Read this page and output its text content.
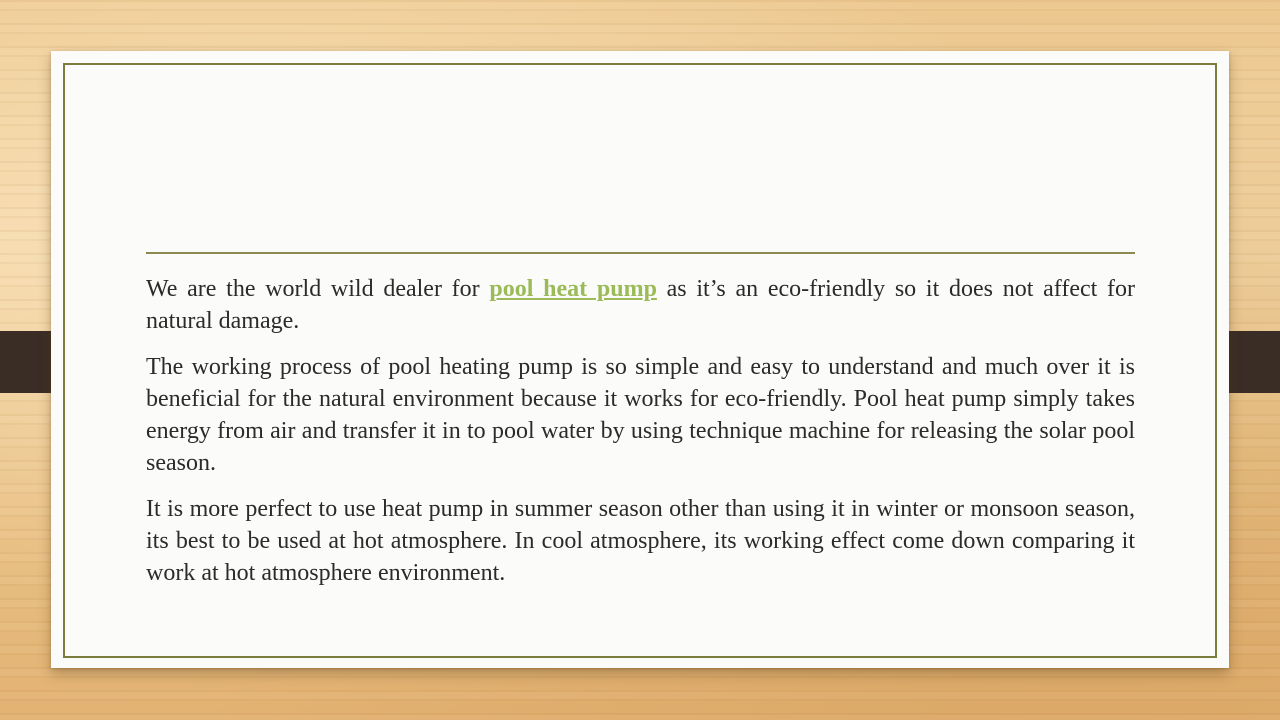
We are the world wild dealer for pool heat pump as it’s an eco-friendly so it does not affect for natural damage.

The working process of pool heating pump is so simple and easy to understand and much over it is beneficial for the natural environment because it works for eco-friendly. Pool heat pump simply takes energy from air and transfer it in to pool water by using technique machine for releasing the solar pool season.

It is more perfect to use heat pump in summer season other than using it in winter or monsoon season, its best to be used at hot atmosphere. In cool atmosphere, its working effect come down comparing it work at hot atmosphere environment.
